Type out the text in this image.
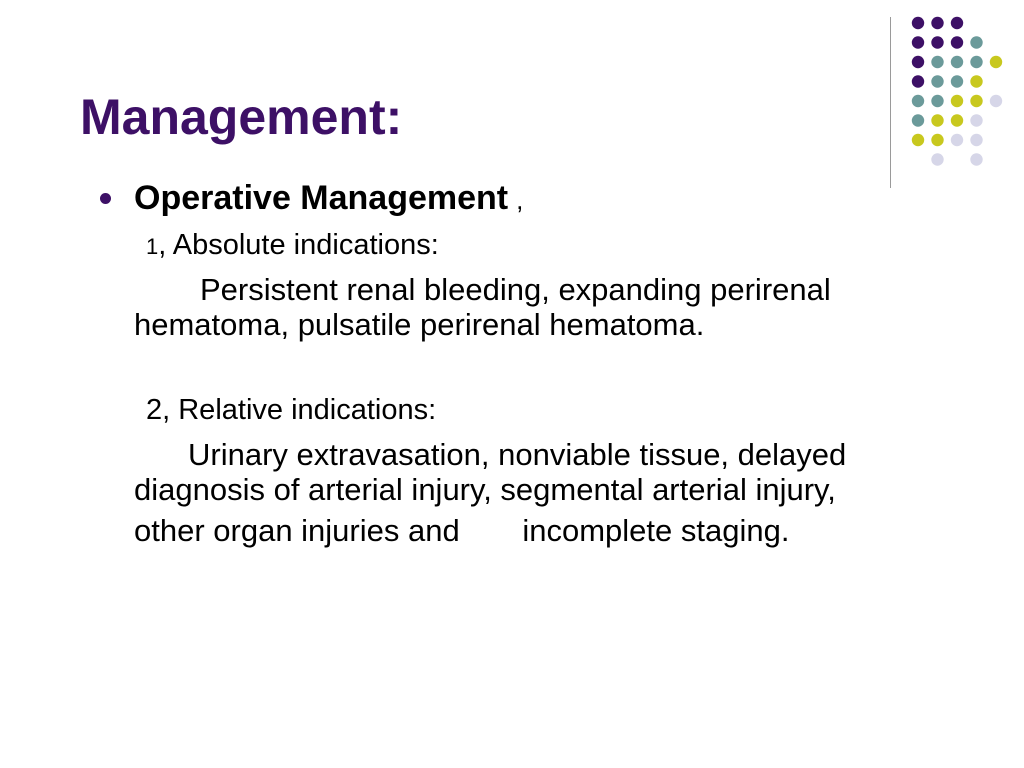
Management:
Operative Management ,
1, Absolute indications:

Persistent renal bleeding, expanding perirenal hematoma, pulsatile perirenal hematoma.

2, Relative indications:

Urinary extravasation, nonviable tissue, delayed diagnosis of arterial injury, segmental arterial injury, other organ injuries and incomplete staging.
